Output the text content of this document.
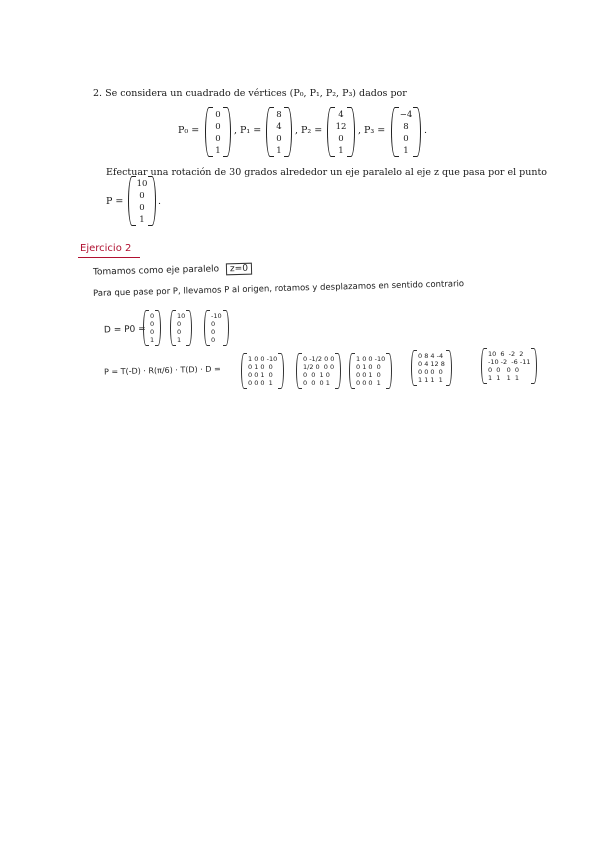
2. Se considera un cuadrado de vértices (P₀, P₁, P₂, P₃) dados por
P₀ =
0
0
0
1
, P₁ =
8
4
0
1
, P₂ =
4
12
0
1
, P₃ =
−4
8
0
1
.
Efectuar una rotación de 30 grados alrededor un eje paralelo al eje z que pasa por el punto
P =
10
0
0
1
.
Ejercicio 2
Tomamos como eje paralelo	z=0
Para que pase por P, llevamos P al origen, rotamos y desplazamos en sentido contrario
D = P0 =
0
0
0
1
10
0
0
1
-10
0
0
0
P = T(-D) · R(π/6) · T(D) · D =
1 0 0 -10
0 1 0  0
0 0 1  0
0 0 0  1
0 -1/2 0 0
1/2 0  0 0
0  0  1 0
0  0  0 1
1 0 0 -10
0 1 0  0
0 0 1  0
0 0 0  1
0 8 4 -4
0 4 12 8
0 0 0  0
1 1 1  1
10  6  -2  2
-10 -2  -6 -11
0  0   0  0
1  1   1  1
